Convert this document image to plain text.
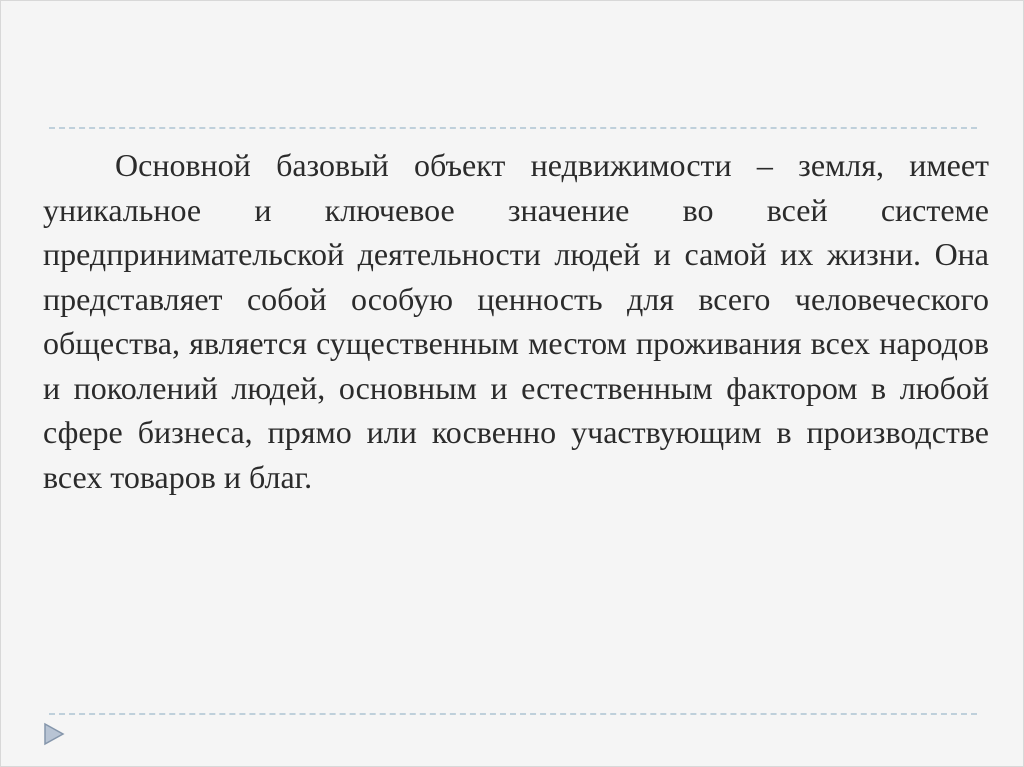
Основной базовый объект недвижимости – земля, имеет уникальное и ключевое значение во всей системе предпринимательской деятельности людей и самой их жизни. Она представляет собой особую ценность для всего человеческого общества, является существенным местом проживания всех народов и поколений людей, основным и естественным фактором в любой сфере бизнеса, прямо или косвенно участвующим в производстве всех товаров и благ.
